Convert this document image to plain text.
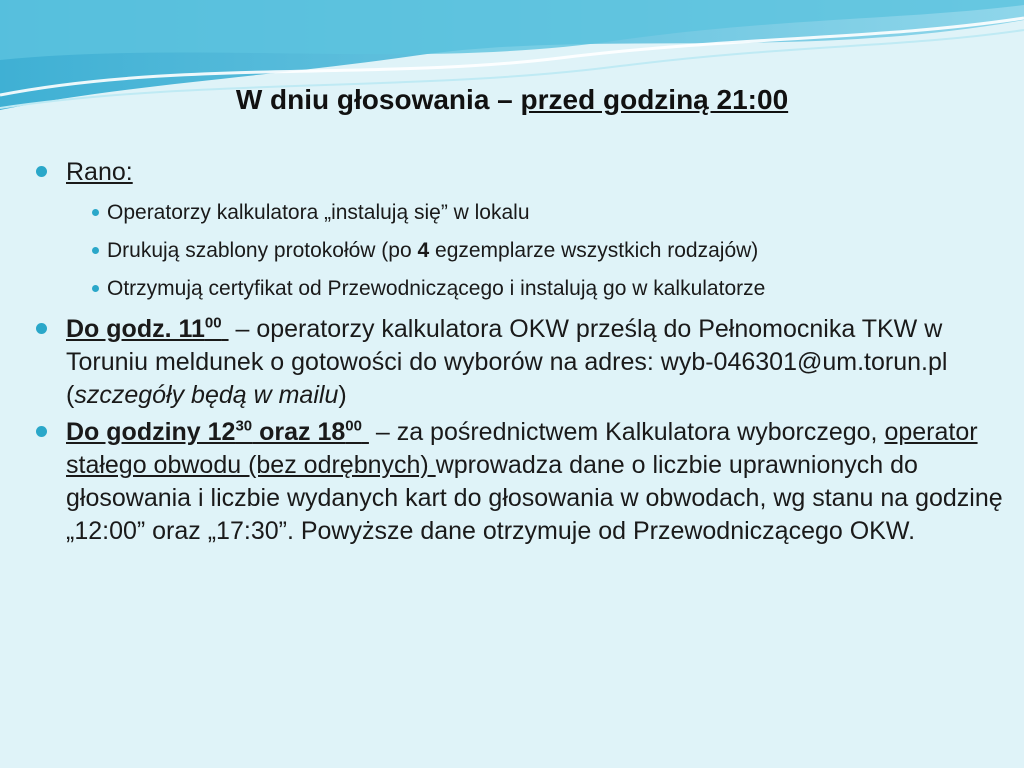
W dniu głosowania – przed godziną 21:00
Rano:
Operatorzy kalkulatora „instalują się” w lokalu
Drukują szablony protokołów (po 4 egzemplarze wszystkich rodzajów)
Otrzymują certyfikat od Przewodniczącego i instalują go w kalkulatorze
Do godz. $11^{00}$  – operatorzy kalkulatora OKW prześlą do Pełnomocnika TKW w Toruniu meldunek o gotowości do wyborów na adres: wyb-046301@um.torun.pl (szczegóły będą w mailu)
Do godziny $12^{30}$ oraz $18^{00}$  – za pośrednictwem Kalkulatora wyborczego, operator stałego obwodu (bez odrębnych) wprowadza dane o liczbie uprawnionych do głosowania i liczbie wydanych kart do głosowania w obwodach, wg stanu na godzinę „12:00” oraz „17:30”. Powyższe dane otrzymuje od Przewodniczącego OKW.
